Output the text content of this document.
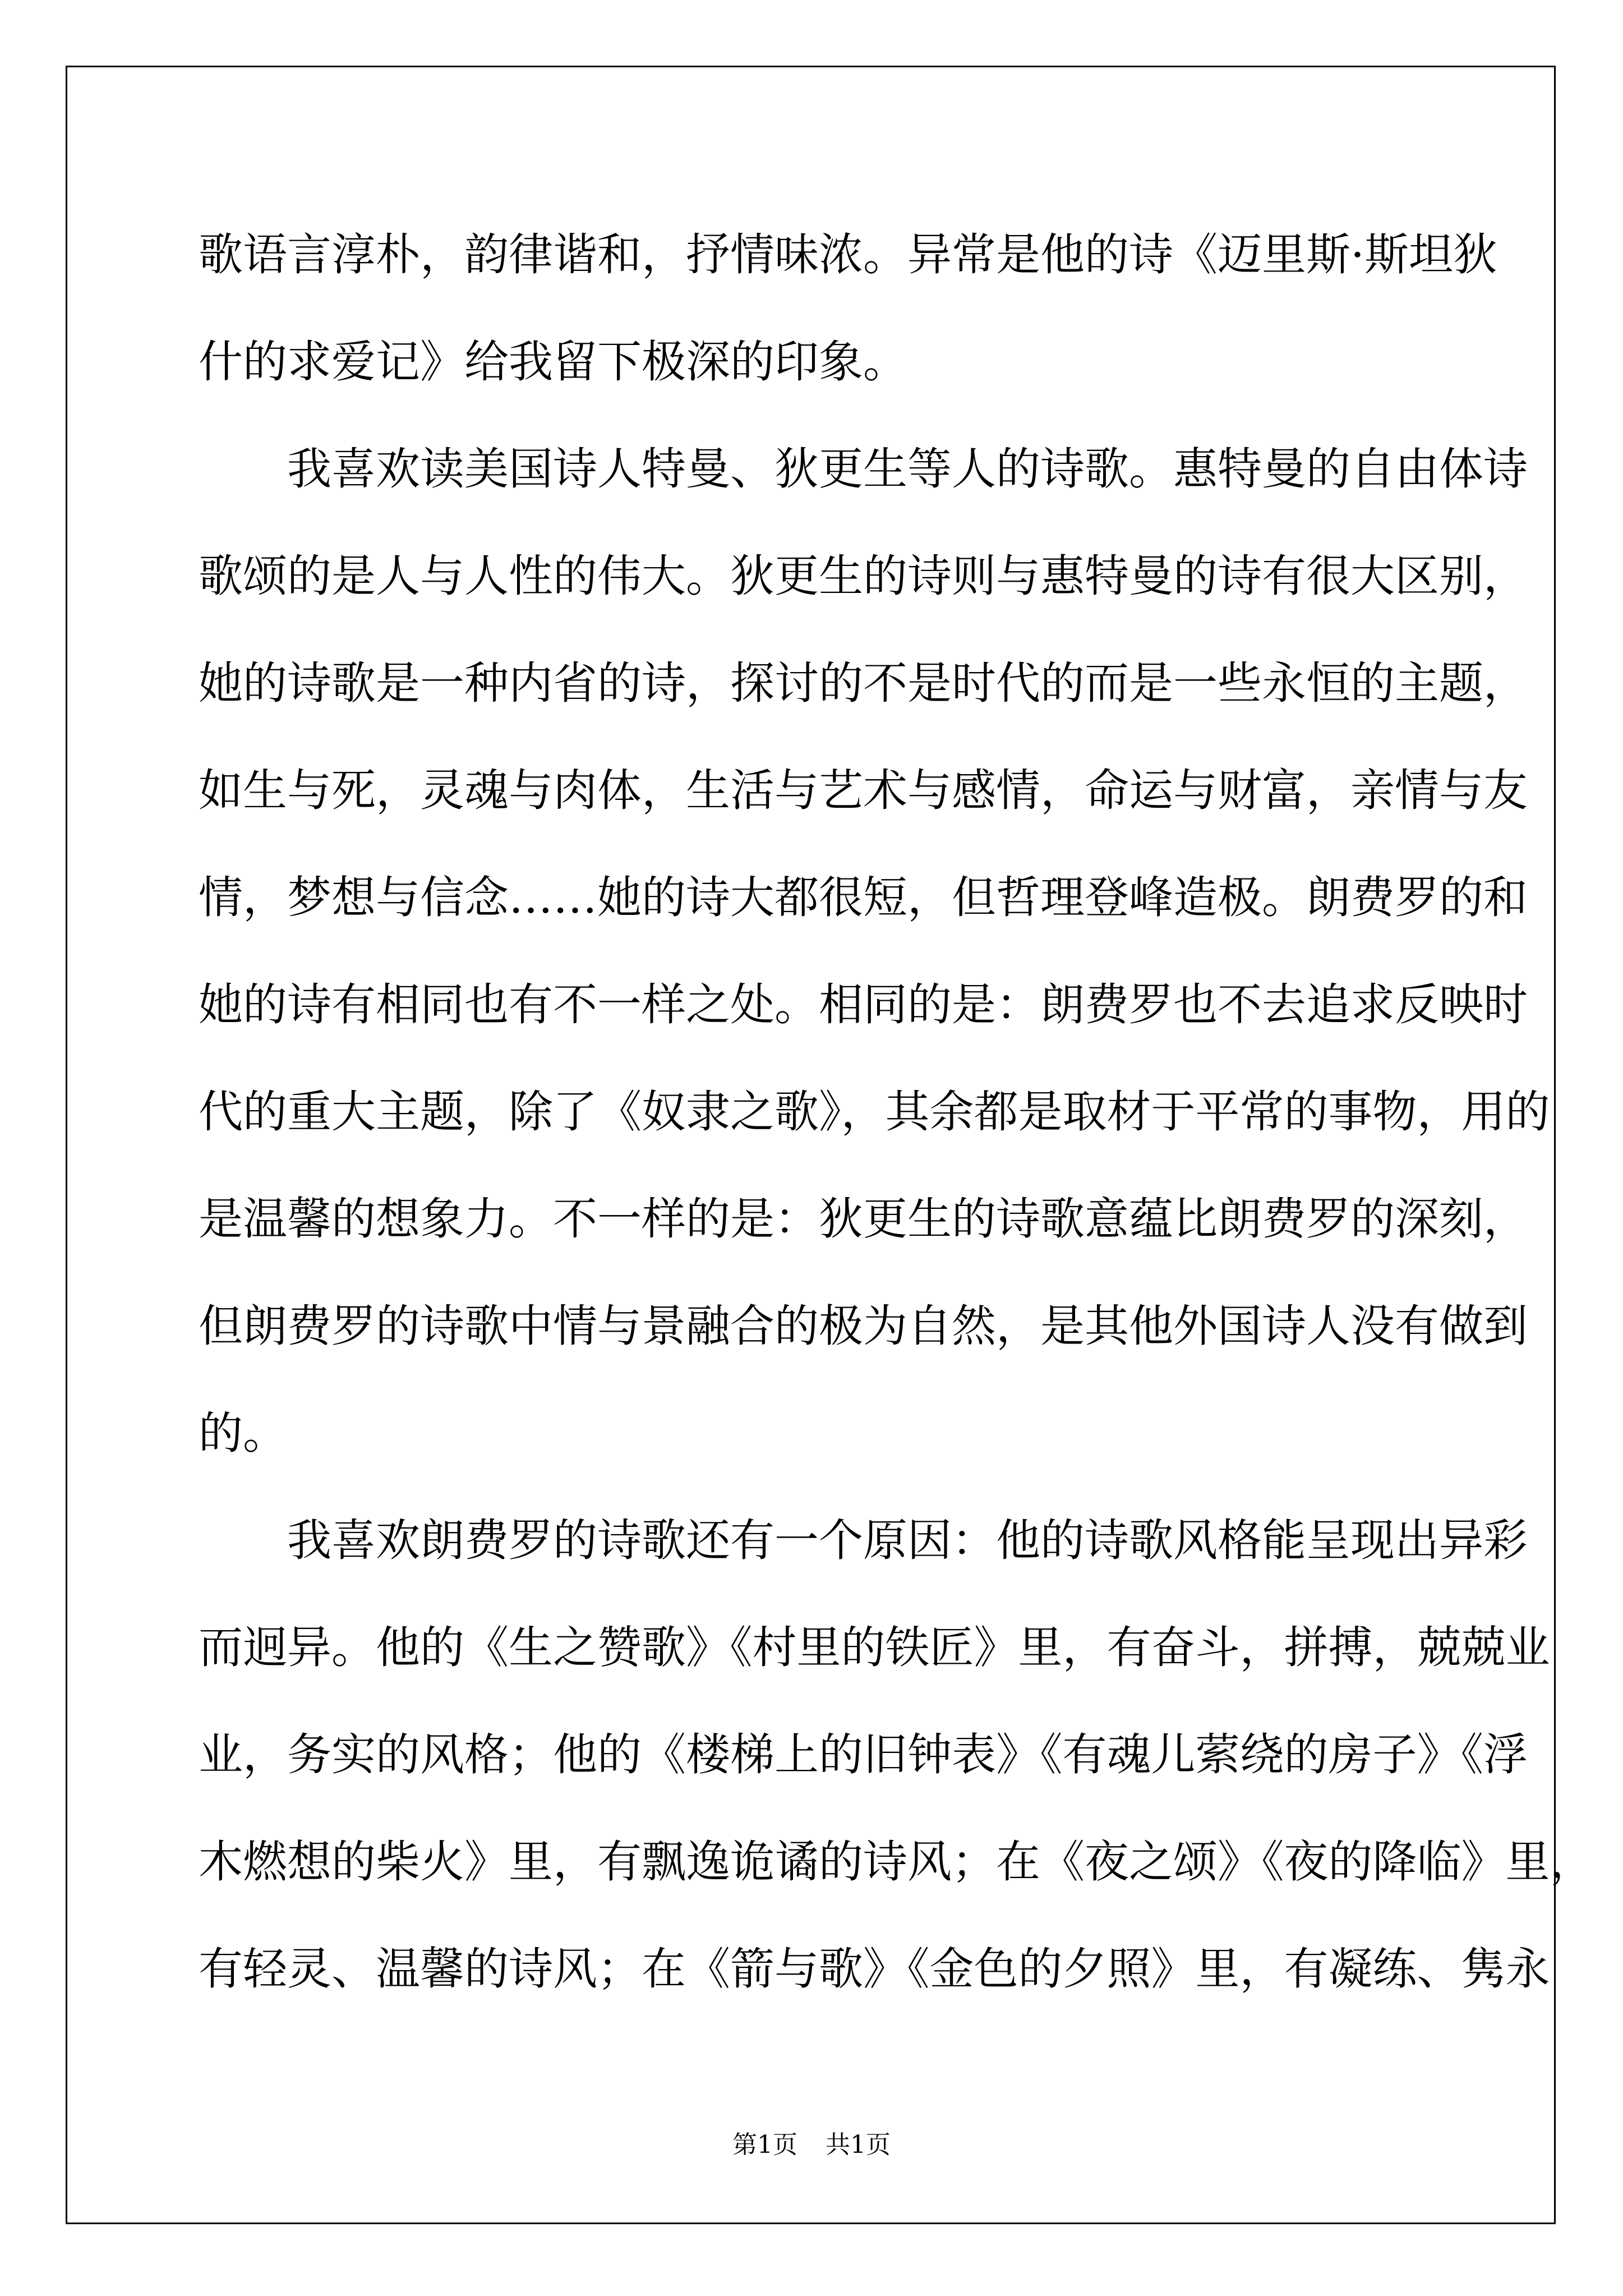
歌语言淳朴，韵律谐和，抒情味浓。异常是他的诗《迈里斯·斯坦狄
什的求爱记》给我留下极深的印象。
我喜欢读美国诗人特曼、狄更生等人的诗歌。惠特曼的自由体诗
歌颂的是人与人性的伟大。狄更生的诗则与惠特曼的诗有很大区别，
她的诗歌是一种内省的诗，探讨的不是时代的而是一些永恒的主题，
如生与死，灵魂与肉体，生活与艺术与感情，命运与财富，亲情与友
情，梦想与信念……她的诗大都很短，但哲理登峰造极。朗费罗的和
她的诗有相同也有不一样之处。相同的是：朗费罗也不去追求反映时
代的重大主题，除了《奴隶之歌》，其余都是取材于平常的事物，用的
是温馨的想象力。不一样的是：狄更生的诗歌意蕴比朗费罗的深刻，
但朗费罗的诗歌中情与景融合的极为自然，是其他外国诗人没有做到
的。
我喜欢朗费罗的诗歌还有一个原因：他的诗歌风格能呈现出异彩
而迥异。他的《生之赞歌》《村里的铁匠》里，有奋斗，拼搏，兢兢业
业，务实的风格；他的《楼梯上的旧钟表》《有魂儿萦绕的房子》《浮
木燃想的柴火》里，有飘逸诡谲的诗风；在《夜之颂》《夜的降临》里，
有轻灵、温馨的诗风；在《箭与歌》《金色的夕照》里，有凝练、隽永
第1页 共1页
